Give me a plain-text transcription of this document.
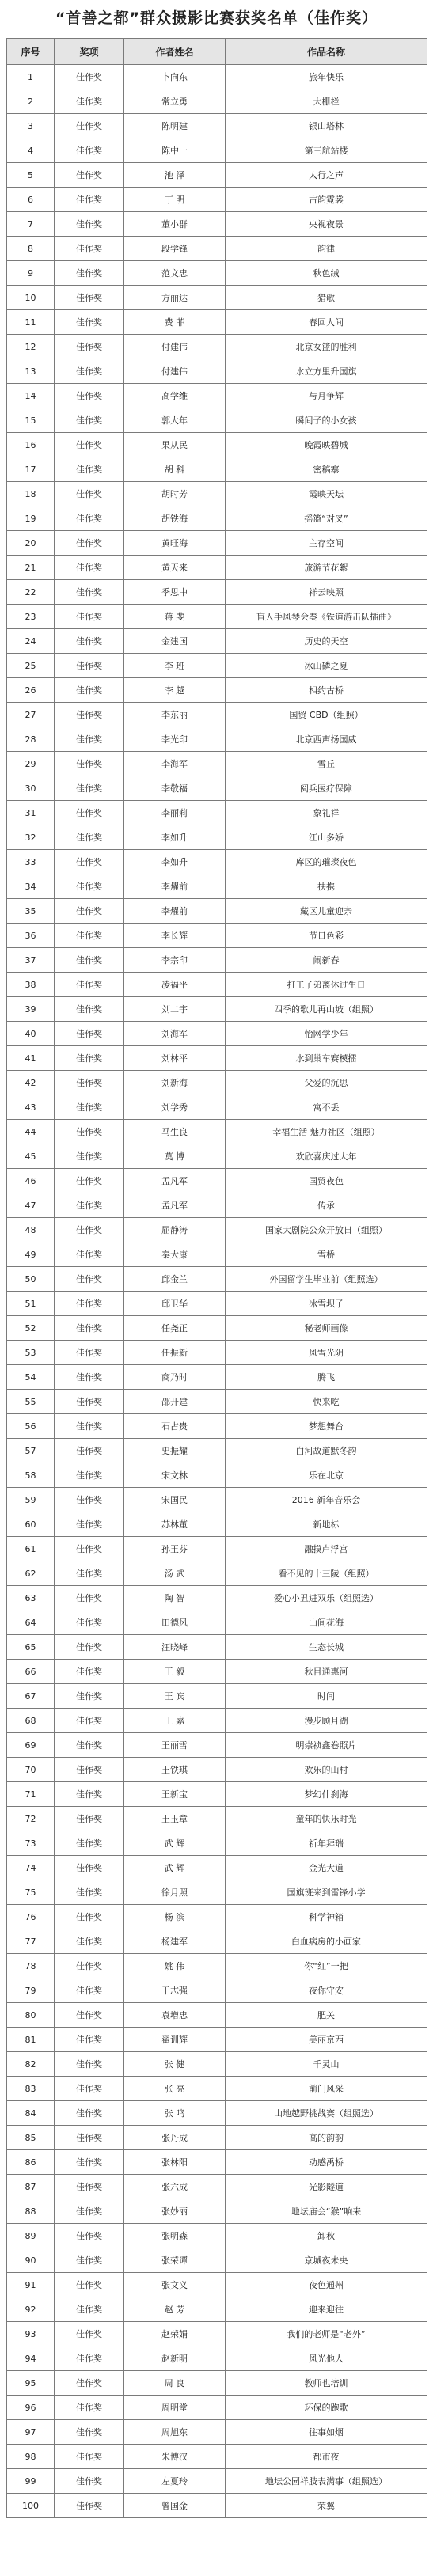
“首善之都”群众摄影比赛获奖名单（佳作奖）
序号	奖项	作者姓名	作品名称
1	佳作奖	卜向东	旅年快乐
2	佳作奖	常立勇	大栅栏
3	佳作奖	陈明建	银山塔林
4	佳作奖	陈中一	第三航站楼
5	佳作奖	池 泽	太行之声
6	佳作奖	丁 明	古韵霓裳
7	佳作奖	董小群	央视夜景
8	佳作奖	段学锋	韵律
9	佳作奖	范文忠	秋色绒
10	佳作奖	方丽达	猎歌
11	佳作奖	费 菲	春回人间
12	佳作奖	付建伟	北京女篮的胜利
13	佳作奖	付建伟	水立方里升国旗
14	佳作奖	高学维	与月争辉
15	佳作奖	郭大年	瞬间子的小女孩
16	佳作奖	果从民	晚霞映碧城
17	佳作奖	胡 科	密稿寨
18	佳作奖	胡时芳	霞映天坛
19	佳作奖	胡铁海	摇篮“对叉”
20	佳作奖	黄旺海	主存空间
21	佳作奖	黄天来	旅游节花絮
22	佳作奖	季思中	祥云映照
23	佳作奖	蒋 斐	盲人手风琴会奏《铁道游击队插曲》
24	佳作奖	金建国	历史的天空
25	佳作奖	李 班	冰山磷之夏
26	佳作奖	李 越	相约古桥
27	佳作奖	李东丽	国贸 CBD（组照）
28	佳作奖	李光印	北京西声扬国威
29	佳作奖	李海军	雪丘
30	佳作奖	李敬福	阅兵医疗保障
31	佳作奖	李丽莉	象礼祥
32	佳作奖	李如升	江山多娇
33	佳作奖	李如升	库区的璀璨夜色
34	佳作奖	李燿前	扶携
35	佳作奖	李燿前	藏区儿童迎亲
36	佳作奖	李长辉	节日色彩
37	佳作奖	李宗印	闹新春
38	佳作奖	凌福平	打工子弟离休过生日
39	佳作奖	刘二宇	四季的歌儿再山坡（组照）
40	佳作奖	刘海军	怡网学少年
41	佳作奖	刘林平	水到巢车赛模擂
42	佳作奖	刘新海	父爱的沉思
43	佳作奖	刘学秀	寓不丢
44	佳作奖	马生良	幸福生活 魅力社区（组照）
45	佳作奖	莫 博	欢欣喜庆过大年
46	佳作奖	孟凡军	国贸夜色
47	佳作奖	孟凡军	传承
48	佳作奖	屈静涛	国家大剧院公众开放日（组照）
49	佳作奖	秦大康	雪桥
50	佳作奖	邱金兰	外国留学生毕业前（组照选）
51	佳作奖	邱卫华	冰雪坝子
52	佳作奖	任尧正	秘老师画像
53	佳作奖	任振新	风雪光阴
54	佳作奖	商乃时	腾飞
55	佳作奖	邵开建	快来吃
56	佳作奖	石占贵	梦想舞台
57	佳作奖	史振耀	白河故道默冬韵
58	佳作奖	宋文林	乐在北京
59	佳作奖	宋国民	2016 新年音乐会
60	佳作奖	苏林董	新地标
61	佳作奖	孙王芬	融摸卢浮宫
62	佳作奖	汤 武	看不见的十三陵（组照）
63	佳作奖	陶 智	爱心小丑进双乐（组照选）
64	佳作奖	田德风	山间花海
65	佳作奖	汪晓峰	生态长城
66	佳作奖	王 毅	秋目通惠河
67	佳作奖	王 宾	时间
68	佳作奖	王 嘉	漫步顾月湖
69	佳作奖	王丽雪	明崇祯鑫卷照片
70	佳作奖	王铁琪	欢乐的山村
71	佳作奖	王新宝	梦幻什刹海
72	佳作奖	王玉章	童年的快乐时光
73	佳作奖	武 辉	祈年拜瑞
74	佳作奖	武 辉	金光大道
75	佳作奖	徐月照	国旗班来到雷锋小学
76	佳作奖	杨 滨	科学神箱
77	佳作奖	杨建军	白血病房的小画家
78	佳作奖	姚 伟	你“红”一把
79	佳作奖	于志强	夜你守安
80	佳作奖	袁增忠	肥关
81	佳作奖	翟训辉	美丽京西
82	佳作奖	张 健	千灵山
83	佳作奖	张 亮	前门风采
84	佳作奖	张 鸣	山地越野挑战赛（组照选）
85	佳作奖	张丹成	高的韵韵
86	佳作奖	张林阳	动感禹桥
87	佳作奖	张六成	光影隧道
88	佳作奖	张妙丽	地坛庙会“猴”响来
89	佳作奖	张明森	卸秋
90	佳作奖	张荣谭	京城夜未央
91	佳作奖	张文义	夜色通州
92	佳作奖	赵 芳	迎来迎往
93	佳作奖	赵荣娟	我们的老师是“老外”
94	佳作奖	赵新明	风光他人
95	佳作奖	周 良	教师也培训
96	佳作奖	周明堂	环保的跑歌
97	佳作奖	周旭东	往事如烟
98	佳作奖	朱博汉	都市夜
99	佳作奖	左夏玲	地坛公园祥肢表满事（组照选）
100	佳作奖	曾国金	荣翼
